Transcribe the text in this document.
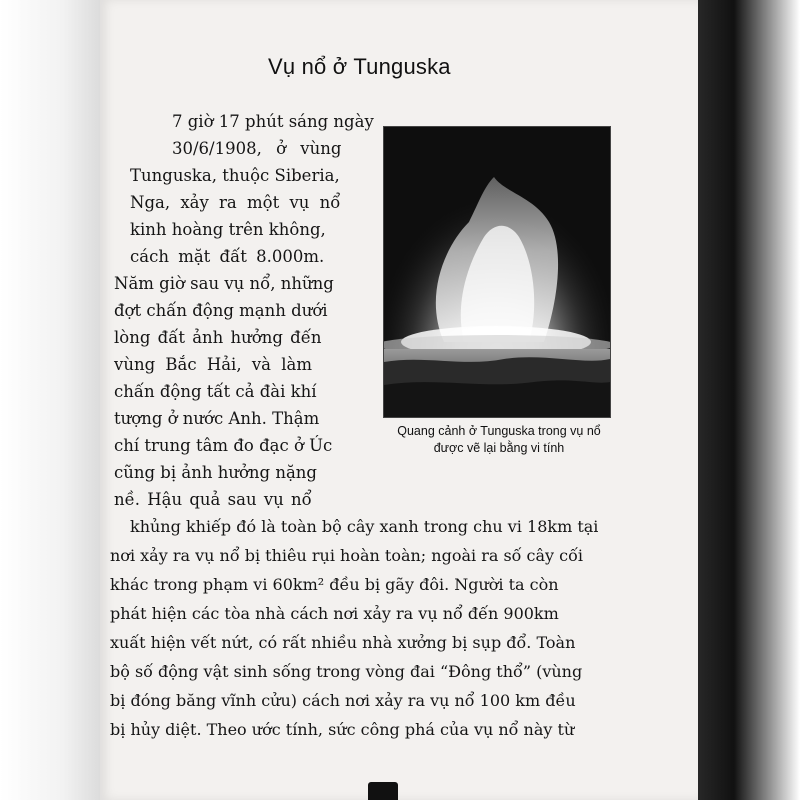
Vụ nổ ở Tunguska
7 giờ 17 phút sáng ngày
30/6/1908, ở vùng
Tunguska, thuộc Siberia,
Nga, xảy ra một vụ nổ
kinh hoàng trên không,
cách mặt đất 8.000m.
Năm giờ sau vụ nổ, những
đợt chấn động mạnh dưới
lòng đất ảnh hưởng đến
vùng Bắc Hải, và làm
chấn động tất cả đài khí
tượng ở nước Anh. Thậm
chí trung tâm đo đạc ở Úc
cũng bị ảnh hưởng nặng
nề. Hậu quả sau vụ nổ
khủng khiếp đó là toàn bộ cây xanh trong chu vi 18km tại
nơi xảy ra vụ nổ bị thiêu rụi hoàn toàn; ngoài ra số cây cối
khác trong phạm vi 60km² đều bị gãy đôi. Người ta còn
phát hiện các tòa nhà cách nơi xảy ra vụ nổ đến 900km
xuất hiện vết nứt, có rất nhiều nhà xưởng bị sụp đổ. Toàn
bộ số động vật sinh sống trong vòng đai “Đông thổ” (vùng
bị đóng băng vĩnh cửu) cách nơi xảy ra vụ nổ 100 km đều
bị hủy diệt. Theo ước tính, sức công phá của vụ nổ này từ
Quang cảnh ở Tunguska trong vụ nổ
được vẽ lại bằng vi tính
